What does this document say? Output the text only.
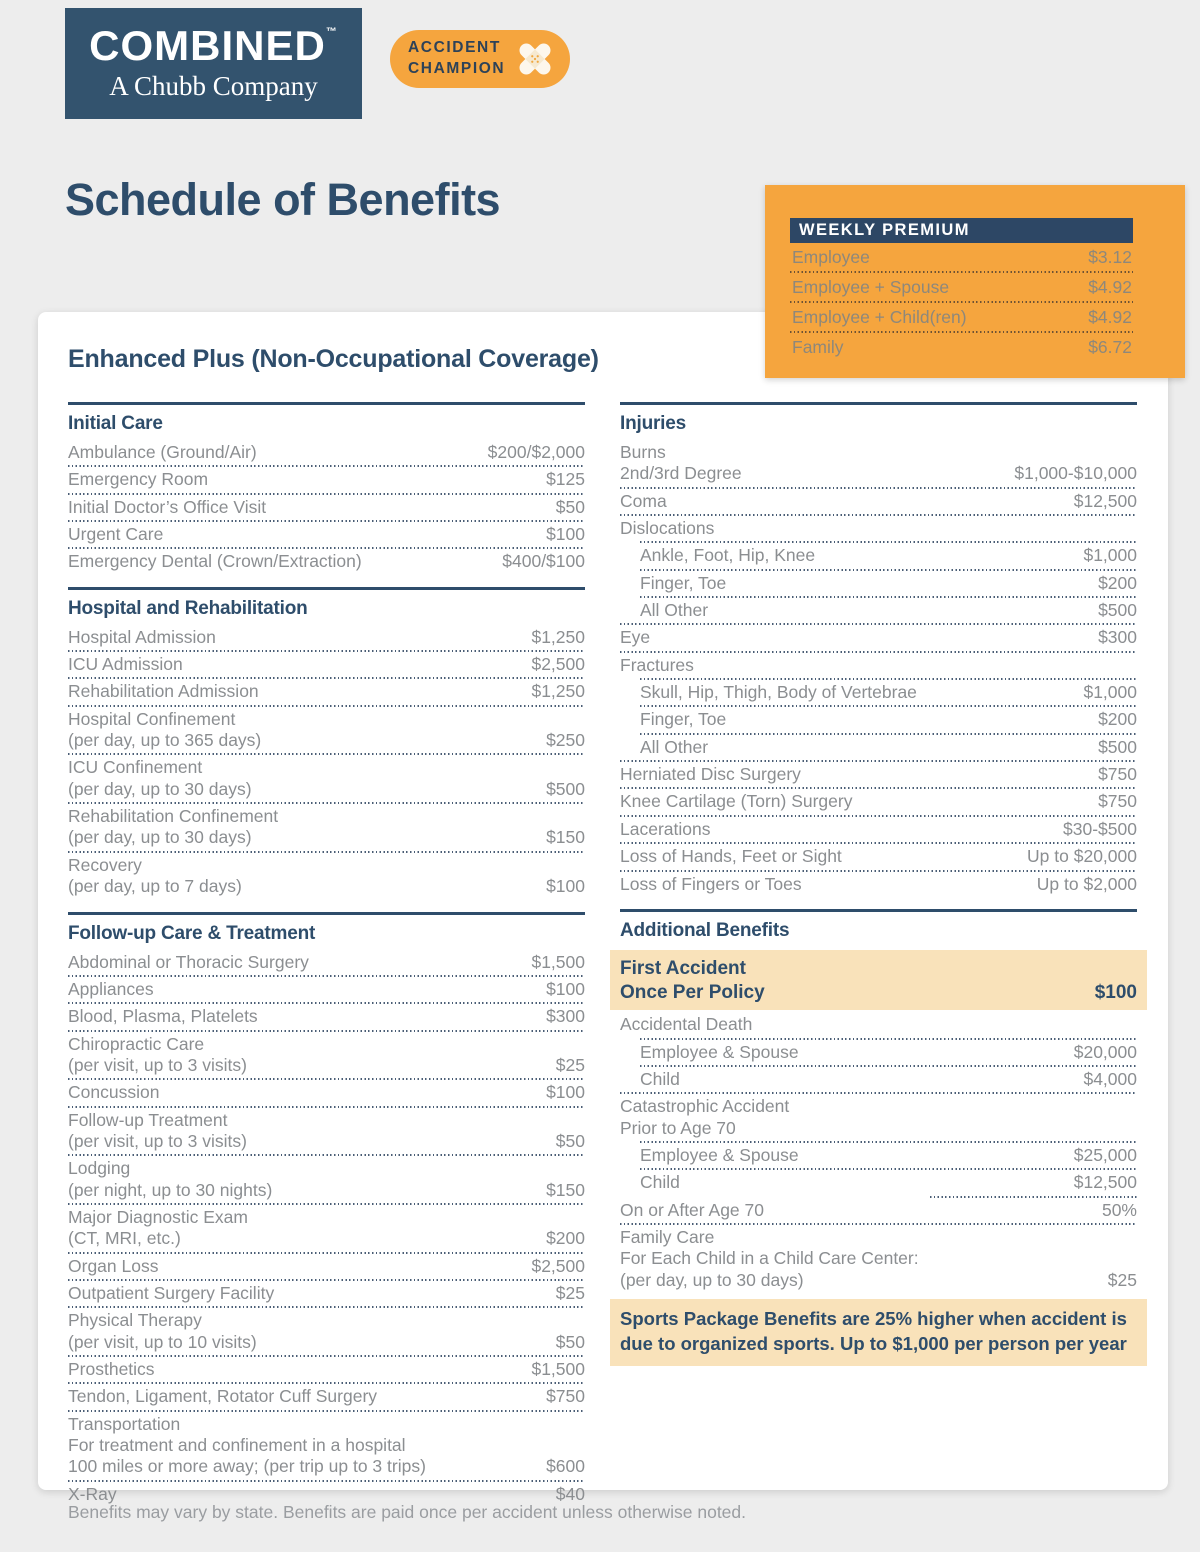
COMBINED ™
A Chubb Company
ACCIDENT
CHAMPION
Schedule of Benefits
WEEKLY PREMIUM
Employee	$3.12
Employee + Spouse	$4.92
Employee + Child(ren)	$4.92
Family	$6.72
Enhanced Plus (Non-Occupational Coverage)
Initial Care
Ambulance (Ground/Air)	$200/$2,000
Emergency Room	$125
Initial Doctor’s Office Visit	$50
Urgent Care	$100
Emergency Dental (Crown/Extraction)	$400/$100
Hospital and Rehabilitation
Hospital Admission	$1,250
ICU Admission	$2,500
Rehabilitation Admission	$1,250
Hospital Confinement
(per day, up to 365 days)	$250
ICU Confinement
(per day, up to 30 days)	$500
Rehabilitation Confinement
(per day, up to 30 days)	$150
Recovery
(per day, up to 7 days)	$100
Follow-up Care & Treatment
Abdominal or Thoracic Surgery	$1,500
Appliances	$100
Blood, Plasma, Platelets	$300
Chiropractic Care
(per visit, up to 3 visits)	$25
Concussion	$100
Follow-up Treatment
(per visit, up to 3 visits)	$50
Lodging
(per night, up to 30 nights)	$150
Major Diagnostic Exam
(CT, MRI, etc.)	$200
Organ Loss	$2,500
Outpatient Surgery Facility	$25
Physical Therapy
(per visit, up to 10 visits)	$50
Prosthetics	$1,500
Tendon, Ligament, Rotator Cuff Surgery	$750
Transportation
For treatment and confinement in a hospital
100 miles or more away; (per trip up to 3 trips)	$600
X-Ray	$40
Injuries
Burns
2nd/3rd Degree	$1,000-$10,000
Coma	$12,500
Dislocations
Ankle, Foot, Hip, Knee	$1,000
Finger, Toe	$200
All Other	$500
Eye	$300
Fractures
Skull, Hip, Thigh, Body of Vertebrae	$1,000
Finger, Toe	$200
All Other	$500
Herniated Disc Surgery	$750
Knee Cartilage (Torn) Surgery	$750
Lacerations	$30-$500
Loss of Hands, Feet or Sight	Up to $20,000
Loss of Fingers or Toes	Up to $2,000
Additional Benefits
First Accident
Once Per Policy	$100
Accidental Death
Employee & Spouse	$20,000
Child	$4,000
Catastrophic Accident
Prior to Age 70
Employee & Spouse	$25,000
Child	$12,500
On or After Age 70	50%
Family Care
For Each Child in a Child Care Center:
(per day, up to 30 days)	$25
Sports Package Benefits are 25% higher when accident is
due to organized sports. Up to $1,000 per person per year
Benefits may vary by state. Benefits are paid once per accident unless otherwise noted.
